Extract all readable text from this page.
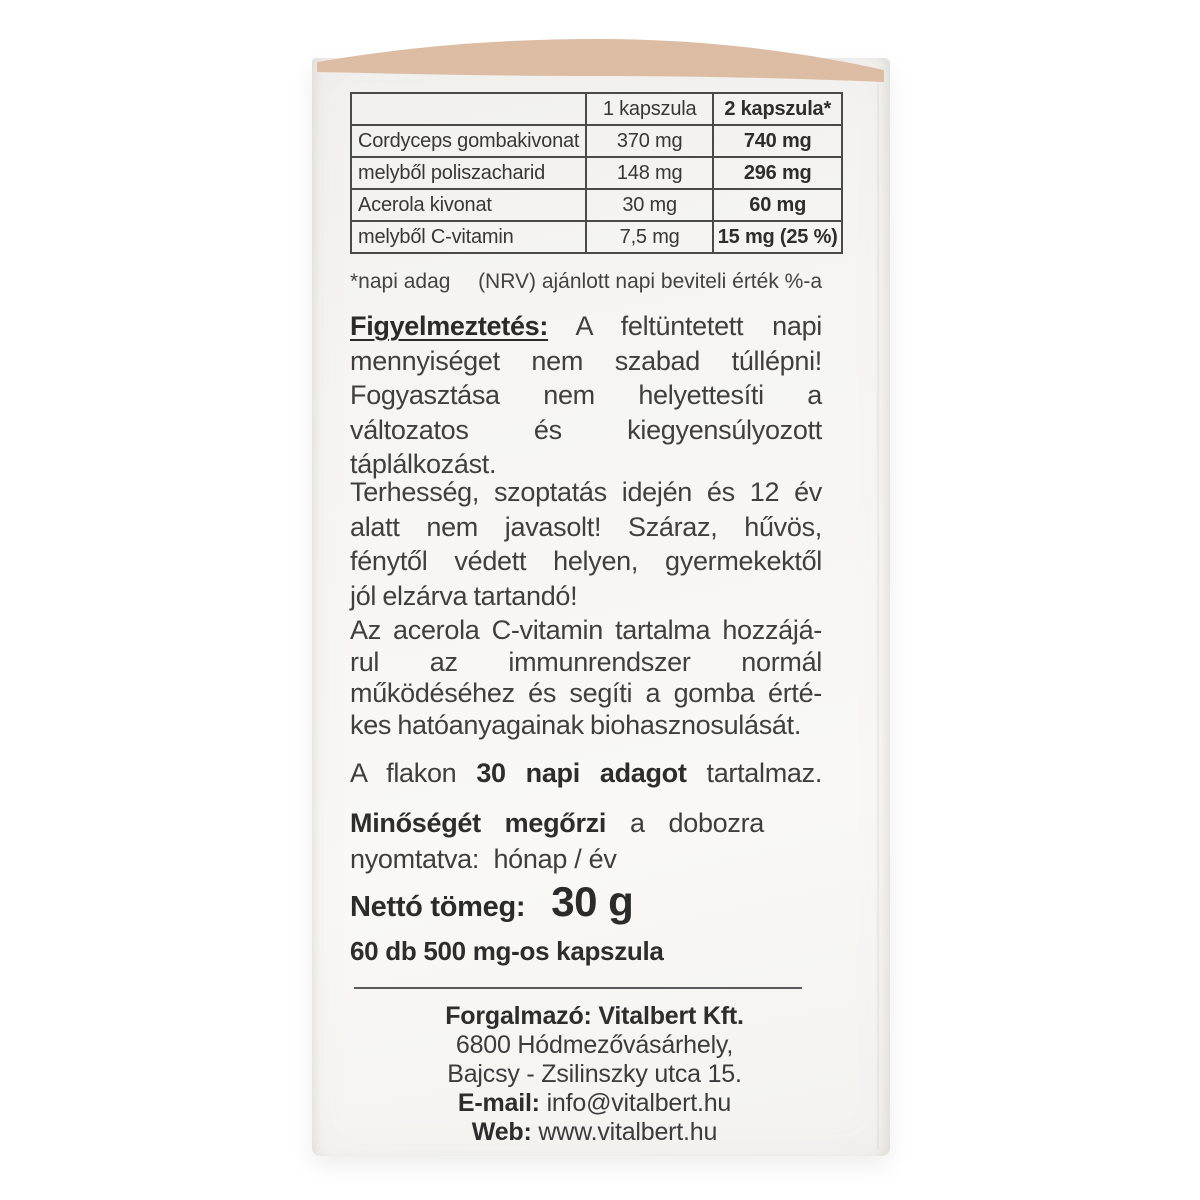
	1 kapszula	2 kapszula*
Cordyceps gombakivonat	370 mg	740 mg
melyből poliszacharid	148 mg	296 mg
Acerola kivonat	30 mg	60 mg
melyből C-vitamin	7,5 mg	15 mg (25 %)
*napi adag (NRV) ajánlott napi beviteli érték %-a
Figyelmeztetés: A feltüntetett napi
mennyiséget nem szabad túllépni!
Fogyasztása nem helyettesíti a
változatos és kiegyensúlyozott
táplálkozást.
Terhesség, szoptatás idején és 12 év
alatt nem javasolt! Száraz, hűvös,
fénytől védett helyen, gyermekektől
jól elzárva tartandó!
Az acerola C-vitamin tartalma hozzájá-
rul az immunrendszer normál
működéséhez és segíti a gomba érté-
kes hatóanyagainak biohasznosulását.
A flakon 30 napi adagot tartalmaz.
Minőségét megőrzi a dobozra
nyomtatva:  hónap / év
Nettó tömeg: 30 g
60 db 500 mg-os kapszula
Forgalmazó: Vitalbert Kft.
6800 Hódmezővásárhely,
Bajcsy - Zsilinszky utca 15.
E-mail: info@vitalbert.hu
Web: www.vitalbert.hu
